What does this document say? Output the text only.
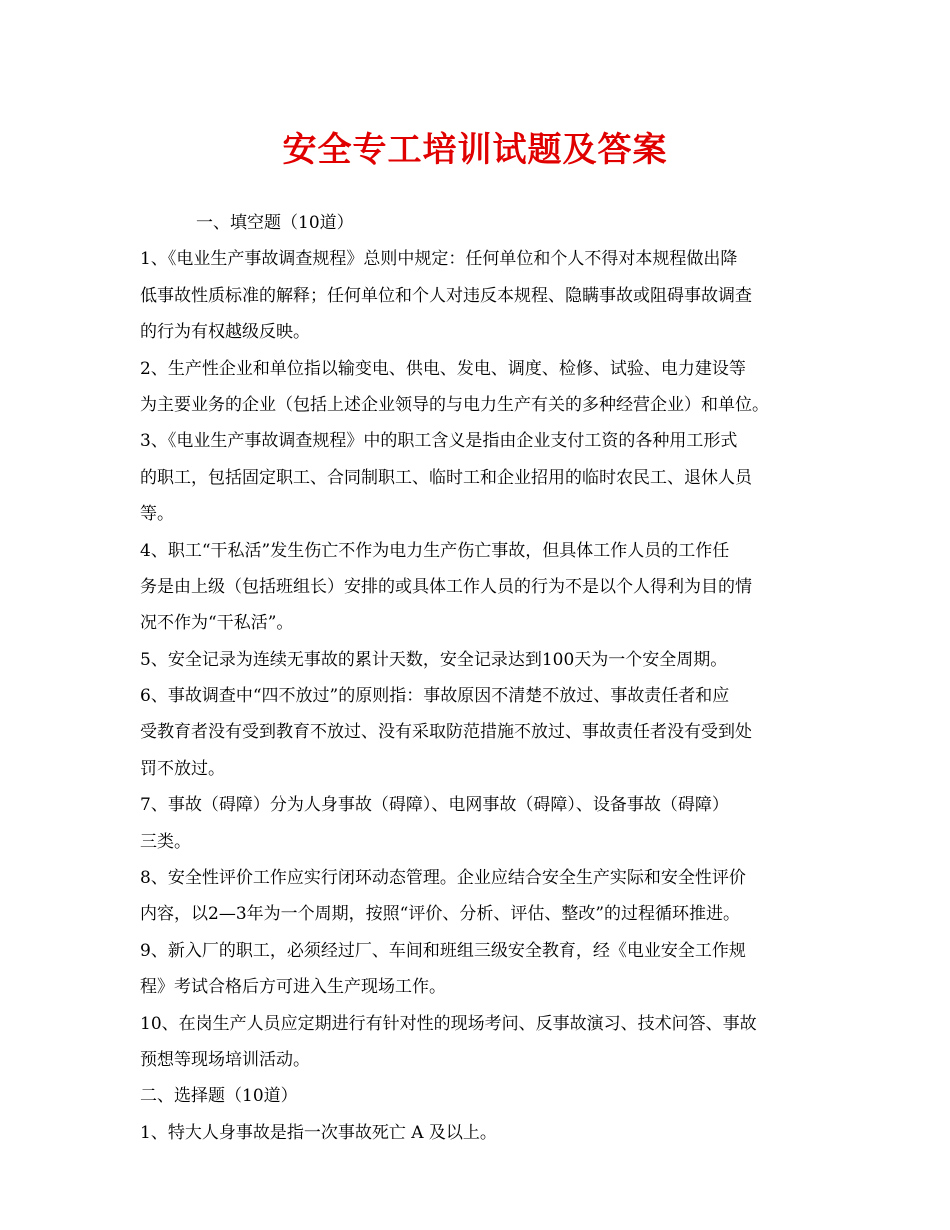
安全专工培训试题及答案
一、填空题（10道）
1、《电业生产事故调查规程》总则中规定：任何单位和个人不得对本规程做出降
低事故性质标准的解释；任何单位和个人对违反本规程、隐瞒事故或阻碍事故调查
的行为有权越级反映。
2、生产性企业和单位指以输变电、供电、发电、调度、检修、试验、电力建设等
为主要业务的企业（包括上述企业领导的与电力生产有关的多种经营企业）和单位。
3、《电业生产事故调查规程》中的职工含义是指由企业支付工资的各种用工形式
的职工，包括固定职工、合同制职工、临时工和企业招用的临时农民工、退休人员
等。
4、职工“干私活”发生伤亡不作为电力生产伤亡事故，但具体工作人员的工作任
务是由上级（包括班组长）安排的或具体工作人员的行为不是以个人得利为目的情
况不作为“干私活”。
5、安全记录为连续无事故的累计天数，安全记录达到100天为一个安全周期。
6、事故调查中“四不放过”的原则指：事故原因不清楚不放过、事故责任者和应
受教育者没有受到教育不放过、没有采取防范措施不放过、事故责任者没有受到处
罚不放过。
7、事故（碍障）分为人身事故（碍障）、电网事故（碍障）、设备事故（碍障）
三类。
8、安全性评价工作应实行闭环动态管理。企业应结合安全生产实际和安全性评价
内容，以2—3年为一个周期，按照“评价、分析、评估、整改”的过程循环推进。
9、新入厂的职工，必须经过厂、车间和班组三级安全教育，经《电业安全工作规
程》考试合格后方可进入生产现场工作。
10、在岗生产人员应定期进行有针对性的现场考问、反事故演习、技术问答、事故
预想等现场培训活动。
二、选择题（10道）
1、特大人身事故是指一次事故死亡 A 及以上。
